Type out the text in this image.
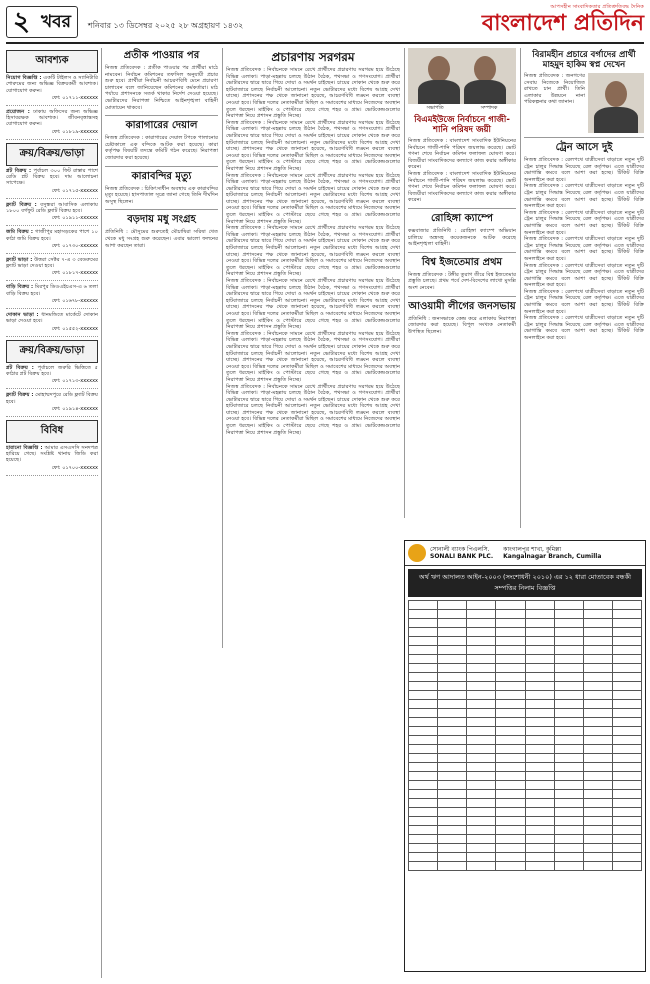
২ খবর শনিবার ১৩ ডিসেম্বর ২০২৫ ২৮ অগ্রহায়ণ ১৪৩২
আপসহীন সাংবাদিকতার প্রতিশ্রুতিবদ্ধ দৈনিক
বাংলাদেশ প্রতিদিন
আবশ্যক

নিয়োগ বিজ্ঞপ্তি : একটি টাইলস ও স্যানিটারি শোরুমের জন্য অভিজ্ঞ বিক্রয়কর্মী আবশ্যক। যোগাযোগ করুন।

ফো: ০১৭১১-xxxxxx

প্রয়োজন : ঢাকায় অফিসের জন্য অভিজ্ঞ হিসাবরক্ষক আবশ্যক। জীবনবৃত্তান্তসহ যোগাযোগ করুন।

ফো: ০১৮১৯-xxxxxx

ক্রয়/বিক্রয়/ভাড়া

প্লট বিক্রয় : পূর্বাচল ৩০০ ফিট রাস্তার পাশে রেডি প্লট বিক্রয় হবে। দাম আলোচনা সাপেক্ষে।

ফো: ০১৭১৫-xxxxxx

ফ্ল্যাট বিক্রয় : বসুন্ধরা আবাসিক এলাকায় ১৮০০ বর্গফুট রেডি ফ্ল্যাট বিক্রয় হবে।

ফো: ০১৯১১-xxxxxx

জমি বিক্রয় : গাজীপুর মহাসড়কের পাশে ১০ কাঠা জমি বিক্রয় হবে।

ফো: ০১৭৩০-xxxxxx

ফ্ল্যাট ভাড়া : উত্তরা সেক্টর ৭-এ ৩ বেডরুমের ফ্ল্যাট ভাড়া দেওয়া হবে।

ফো: ০১৮১৭-xxxxxx

বাড়ি বিক্রয় : মিরপুর ডিওএইচএস-এ ৬ তলা বাড়ি বিক্রয় হবে।

ফো: ০১৬৭৮-xxxxxx

দোকান ভাড়া : ধানমন্ডিতে মার্কেটে দোকান ভাড়া দেওয়া হবে।

ফো: ০১৫৫২-xxxxxx

ক্রয়/বিক্রয়/ভাড়া

প্লট বিক্রয় : পূর্বাচলে জরুরি ভিত্তিতে ৫ কাঠার প্লট বিক্রয় হবে।

ফো: ০১৭১৩-xxxxxx

ফ্ল্যাট বিক্রয় : মোহাম্মদপুরে রেডি ফ্ল্যাট বিক্রয় হবে।

ফো: ০১৯১৪-xxxxxx

বিবিধ

হারানো বিজ্ঞপ্তি : আমার এসএসসি সনদপত্র হারিয়ে গেছে। সংশ্লিষ্ট থানায় জিডি করা হয়েছে।

ফো: ০১৭০০-xxxxxx

প্রতীক পাওয়ার পর

নিজস্ব প্রতিবেদক : প্রতীক পাওয়ার পর প্রার্থীরা মাঠে নামবেন। নির্বাচন কমিশনের তফসিল অনুযায়ী প্রচার শুরু হবে। প্রার্থীরা নির্বাচনী আচরণবিধি মেনে প্রচারণা চালাবেন বলে জানিয়েছেন কমিশনের কর্মকর্তারা। মাঠ পর্যায়ে প্রশাসনকে সতর্ক থাকার নির্দেশ দেওয়া হয়েছে। ভোটারদের নিরাপত্তা নিশ্চিতে আইনশৃঙ্খলা বাহিনী মোতায়েন থাকবে।

কারাগারের দেয়াল

নিজস্ব প্রতিবেদক : কারাগারের দেয়াল টপকে পালানোর চেষ্টাকালে এক বন্দিকে আটক করা হয়েছে। কারা কর্তৃপক্ষ বিষয়টি তদন্তে কমিটি গঠন করেছে। নিরাপত্তা জোরদার করা হয়েছে।

কারাবন্দির মৃত্যু

নিজস্ব প্রতিবেদক : চিকিৎসাধীন অবস্থায় এক কারাবন্দির মৃত্যু হয়েছে। হাসপাতাল সূত্রে জানা গেছে তিনি দীর্ঘদিন অসুস্থ ছিলেন।

বড়দায় মধু সংগ্রহ

প্রতিনিধি : মৌসুমের শুরুতেই মৌচাষিরা সরিষা খেত থেকে মধু সংগ্রহ শুরু করেছেন। এবার ভালো ফলনের আশা করছেন তারা।

প্রচারণায় সরগরম

নিজস্ব প্রতিবেদক : নির্বাচনকে সামনে রেখে প্রার্থীদের প্রচারণায় সরগরম হয়ে উঠেছে বিভিন্ন এলাকা। পাড়া-মহল্লায় চলছে উঠান বৈঠক, পথসভা ও গণসংযোগ। প্রার্থীরা ভোটারদের দ্বারে দ্বারে গিয়ে দোয়া ও সমর্থন চাইছেন। চায়ের দোকান থেকে শুরু করে হাটবাজারে চলছে নির্বাচনী আলোচনা। নতুন ভোটারদের মধ্যে বিশেষ আগ্রহ দেখা যাচ্ছে। প্রশাসনের পক্ষ থেকে জানানো হয়েছে, আচরণবিধি লঙ্ঘন করলে ব্যবস্থা নেওয়া হবে। বিভিন্ন দলের নেতাকর্মীরা মিছিল ও সমাবেশের মাধ্যমে নিজেদের অবস্থান তুলে ধরছেন। মাইকিং ও পোস্টারে ছেয়ে গেছে শহর ও গ্রাম। ভোটকেন্দ্রগুলোর নিরাপত্তা নিয়ে প্রশাসন প্রস্তুতি নিচ্ছে।

নিজস্ব প্রতিবেদক : নির্বাচনকে সামনে রেখে প্রার্থীদের প্রচারণায় সরগরম হয়ে উঠেছে বিভিন্ন এলাকা। পাড়া-মহল্লায় চলছে উঠান বৈঠক, পথসভা ও গণসংযোগ। প্রার্থীরা ভোটারদের দ্বারে দ্বারে গিয়ে দোয়া ও সমর্থন চাইছেন। চায়ের দোকান থেকে শুরু করে হাটবাজারে চলছে নির্বাচনী আলোচনা। নতুন ভোটারদের মধ্যে বিশেষ আগ্রহ দেখা যাচ্ছে। প্রশাসনের পক্ষ থেকে জানানো হয়েছে, আচরণবিধি লঙ্ঘন করলে ব্যবস্থা নেওয়া হবে। বিভিন্ন দলের নেতাকর্মীরা মিছিল ও সমাবেশের মাধ্যমে নিজেদের অবস্থান তুলে ধরছেন। মাইকিং ও পোস্টারে ছেয়ে গেছে শহর ও গ্রাম। ভোটকেন্দ্রগুলোর নিরাপত্তা নিয়ে প্রশাসন প্রস্তুতি নিচ্ছে।

নিজস্ব প্রতিবেদক : নির্বাচনকে সামনে রেখে প্রার্থীদের প্রচারণায় সরগরম হয়ে উঠেছে বিভিন্ন এলাকা। পাড়া-মহল্লায় চলছে উঠান বৈঠক, পথসভা ও গণসংযোগ। প্রার্থীরা ভোটারদের দ্বারে দ্বারে গিয়ে দোয়া ও সমর্থন চাইছেন। চায়ের দোকান থেকে শুরু করে হাটবাজারে চলছে নির্বাচনী আলোচনা। নতুন ভোটারদের মধ্যে বিশেষ আগ্রহ দেখা যাচ্ছে। প্রশাসনের পক্ষ থেকে জানানো হয়েছে, আচরণবিধি লঙ্ঘন করলে ব্যবস্থা নেওয়া হবে। বিভিন্ন দলের নেতাকর্মীরা মিছিল ও সমাবেশের মাধ্যমে নিজেদের অবস্থান তুলে ধরছেন। মাইকিং ও পোস্টারে ছেয়ে গেছে শহর ও গ্রাম। ভোটকেন্দ্রগুলোর নিরাপত্তা নিয়ে প্রশাসন প্রস্তুতি নিচ্ছে।

নিজস্ব প্রতিবেদক : নির্বাচনকে সামনে রেখে প্রার্থীদের প্রচারণায় সরগরম হয়ে উঠেছে বিভিন্ন এলাকা। পাড়া-মহল্লায় চলছে উঠান বৈঠক, পথসভা ও গণসংযোগ। প্রার্থীরা ভোটারদের দ্বারে দ্বারে গিয়ে দোয়া ও সমর্থন চাইছেন। চায়ের দোকান থেকে শুরু করে হাটবাজারে চলছে নির্বাচনী আলোচনা। নতুন ভোটারদের মধ্যে বিশেষ আগ্রহ দেখা যাচ্ছে। প্রশাসনের পক্ষ থেকে জানানো হয়েছে, আচরণবিধি লঙ্ঘন করলে ব্যবস্থা নেওয়া হবে। বিভিন্ন দলের নেতাকর্মীরা মিছিল ও সমাবেশের মাধ্যমে নিজেদের অবস্থান তুলে ধরছেন। মাইকিং ও পোস্টারে ছেয়ে গেছে শহর ও গ্রাম। ভোটকেন্দ্রগুলোর নিরাপত্তা নিয়ে প্রশাসন প্রস্তুতি নিচ্ছে।

নিজস্ব প্রতিবেদক : নির্বাচনকে সামনে রেখে প্রার্থীদের প্রচারণায় সরগরম হয়ে উঠেছে বিভিন্ন এলাকা। পাড়া-মহল্লায় চলছে উঠান বৈঠক, পথসভা ও গণসংযোগ। প্রার্থীরা ভোটারদের দ্বারে দ্বারে গিয়ে দোয়া ও সমর্থন চাইছেন। চায়ের দোকান থেকে শুরু করে হাটবাজারে চলছে নির্বাচনী আলোচনা। নতুন ভোটারদের মধ্যে বিশেষ আগ্রহ দেখা যাচ্ছে। প্রশাসনের পক্ষ থেকে জানানো হয়েছে, আচরণবিধি লঙ্ঘন করলে ব্যবস্থা নেওয়া হবে। বিভিন্ন দলের নেতাকর্মীরা মিছিল ও সমাবেশের মাধ্যমে নিজেদের অবস্থান তুলে ধরছেন। মাইকিং ও পোস্টারে ছেয়ে গেছে শহর ও গ্রাম। ভোটকেন্দ্রগুলোর নিরাপত্তা নিয়ে প্রশাসন প্রস্তুতি নিচ্ছে।

নিজস্ব প্রতিবেদক : নির্বাচনকে সামনে রেখে প্রার্থীদের প্রচারণায় সরগরম হয়ে উঠেছে বিভিন্ন এলাকা। পাড়া-মহল্লায় চলছে উঠান বৈঠক, পথসভা ও গণসংযোগ। প্রার্থীরা ভোটারদের দ্বারে দ্বারে গিয়ে দোয়া ও সমর্থন চাইছেন। চায়ের দোকান থেকে শুরু করে হাটবাজারে চলছে নির্বাচনী আলোচনা। নতুন ভোটারদের মধ্যে বিশেষ আগ্রহ দেখা যাচ্ছে। প্রশাসনের পক্ষ থেকে জানানো হয়েছে, আচরণবিধি লঙ্ঘন করলে ব্যবস্থা নেওয়া হবে। বিভিন্ন দলের নেতাকর্মীরা মিছিল ও সমাবেশের মাধ্যমে নিজেদের অবস্থান তুলে ধরছেন। মাইকিং ও পোস্টারে ছেয়ে গেছে শহর ও গ্রাম। ভোটকেন্দ্রগুলোর নিরাপত্তা নিয়ে প্রশাসন প্রস্তুতি নিচ্ছে।

নিজস্ব প্রতিবেদক : নির্বাচনকে সামনে রেখে প্রার্থীদের প্রচারণায় সরগরম হয়ে উঠেছে বিভিন্ন এলাকা। পাড়া-মহল্লায় চলছে উঠান বৈঠক, পথসভা ও গণসংযোগ। প্রার্থীরা ভোটারদের দ্বারে দ্বারে গিয়ে দোয়া ও সমর্থন চাইছেন। চায়ের দোকান থেকে শুরু করে হাটবাজারে চলছে নির্বাচনী আলোচনা। নতুন ভোটারদের মধ্যে বিশেষ আগ্রহ দেখা যাচ্ছে। প্রশাসনের পক্ষ থেকে জানানো হয়েছে, আচরণবিধি লঙ্ঘন করলে ব্যবস্থা নেওয়া হবে। বিভিন্ন দলের নেতাকর্মীরা মিছিল ও সমাবেশের মাধ্যমে নিজেদের অবস্থান তুলে ধরছেন। মাইকিং ও পোস্টারে ছেয়ে গেছে শহর ও গ্রাম। ভোটকেন্দ্রগুলোর নিরাপত্তা নিয়ে প্রশাসন প্রস্তুতি নিচ্ছে।

সভাপতি	সম্পাদক
বিএমইউজে নির্বাচনে গাজী-শানি পরিষদ জয়ী

নিজস্ব প্রতিবেদক : বাংলাদেশ সাংবাদিক ইউনিয়নের নির্বাচনে গাজী-শানি পরিষদ জয়লাভ করেছে। ভোট গণনা শেষে নির্বাচন কমিশন ফলাফল ঘোষণা করে। বিজয়ীরা সাংবাদিকদের কল্যাণে কাজ করার অঙ্গীকার করেন।

নিজস্ব প্রতিবেদক : বাংলাদেশ সাংবাদিক ইউনিয়নের নির্বাচনে গাজী-শানি পরিষদ জয়লাভ করেছে। ভোট গণনা শেষে নির্বাচন কমিশন ফলাফল ঘোষণা করে। বিজয়ীরা সাংবাদিকদের কল্যাণে কাজ করার অঙ্গীকার করেন।

রোহিঙ্গা ক্যাম্পে

কক্সবাজার প্রতিনিধি : রোহিঙ্গা ক্যাম্পে অভিযান চালিয়ে অস্ত্রসহ কয়েকজনকে আটক করেছে আইনশৃঙ্খলা বাহিনী।

বিশ্ব ইজতেমার প্রথম

নিজস্ব প্রতিবেদক : টঙ্গীর তুরাগ তীরে বিশ্ব ইজতেমার প্রস্তুতি চলছে। প্রথম পর্বে দেশ-বিদেশের লাখো মুসল্লি অংশ নেবেন।

আওয়ামী লীগের জনসভায়

প্রতিনিধি : জনসভাকে কেন্দ্র করে এলাকায় নিরাপত্তা জোরদার করা হয়েছে। বিপুল সংখ্যক নেতাকর্মী উপস্থিত ছিলেন।

বিরামহীন প্রচারে বর্গাদের প্রার্থী মাহমুদ হাকিম স্বপ্ন দেখেন

নিজস্ব প্রতিবেদক : জনগণের সেবায় নিজেকে নিয়োজিত রাখতে চান প্রার্থী। তিনি এলাকার উন্নয়নে নানা পরিকল্পনার কথা জানান।

ট্রেন আসে দুই

নিজস্ব প্রতিবেদক : রেলপথে যাত্রীসেবা বাড়াতে নতুন দুটি ট্রেন চালুর সিদ্ধান্ত নিয়েছে রেল কর্তৃপক্ষ। এতে যাত্রীদের ভোগান্তি কমবে বলে আশা করা হচ্ছে। টিকিট বিক্রি অনলাইনে করা হবে।

নিজস্ব প্রতিবেদক : রেলপথে যাত্রীসেবা বাড়াতে নতুন দুটি ট্রেন চালুর সিদ্ধান্ত নিয়েছে রেল কর্তৃপক্ষ। এতে যাত্রীদের ভোগান্তি কমবে বলে আশা করা হচ্ছে। টিকিট বিক্রি অনলাইনে করা হবে।

নিজস্ব প্রতিবেদক : রেলপথে যাত্রীসেবা বাড়াতে নতুন দুটি ট্রেন চালুর সিদ্ধান্ত নিয়েছে রেল কর্তৃপক্ষ। এতে যাত্রীদের ভোগান্তি কমবে বলে আশা করা হচ্ছে। টিকিট বিক্রি অনলাইনে করা হবে।

নিজস্ব প্রতিবেদক : রেলপথে যাত্রীসেবা বাড়াতে নতুন দুটি ট্রেন চালুর সিদ্ধান্ত নিয়েছে রেল কর্তৃপক্ষ। এতে যাত্রীদের ভোগান্তি কমবে বলে আশা করা হচ্ছে। টিকিট বিক্রি অনলাইনে করা হবে।

নিজস্ব প্রতিবেদক : রেলপথে যাত্রীসেবা বাড়াতে নতুন দুটি ট্রেন চালুর সিদ্ধান্ত নিয়েছে রেল কর্তৃপক্ষ। এতে যাত্রীদের ভোগান্তি কমবে বলে আশা করা হচ্ছে। টিকিট বিক্রি অনলাইনে করা হবে।

নিজস্ব প্রতিবেদক : রেলপথে যাত্রীসেবা বাড়াতে নতুন দুটি ট্রেন চালুর সিদ্ধান্ত নিয়েছে রেল কর্তৃপক্ষ। এতে যাত্রীদের ভোগান্তি কমবে বলে আশা করা হচ্ছে। টিকিট বিক্রি অনলাইনে করা হবে।

নিজস্ব প্রতিবেদক : রেলপথে যাত্রীসেবা বাড়াতে নতুন দুটি ট্রেন চালুর সিদ্ধান্ত নিয়েছে রেল কর্তৃপক্ষ। এতে যাত্রীদের ভোগান্তি কমবে বলে আশা করা হচ্ছে। টিকিট বিক্রি অনলাইনে করা হবে।

সোনালী ব্যাংক পিএলসি.
SONALI BANK PLC.
কাংগালপুর শাখা, কুমিল্লা
Kangalnagar Branch, Cumilla
অর্থ ঋণ আদালত আইন-২০০৩ (সংশোধনী ২০১০) এর ১২ ধারা মোতাবেক বন্ধকী সম্পত্তির নিলাম বিজ্ঞপ্তি
